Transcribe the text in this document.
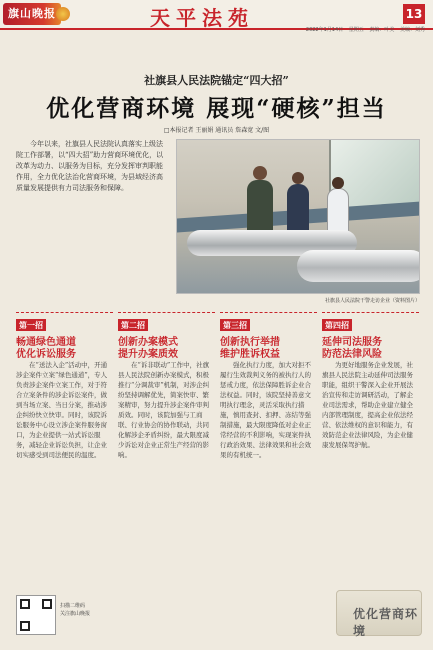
旗山晚报	天平法苑	13
2022年1月14日 星期五 责编：叶美 美编：刘秀
社旗县人民法院锚定“四大招”
优化营商环境 展现“硬核”担当
□本报记者 王丽娟 通讯员 詹森宽 文/图

今年以来，社旗县人民法院认真落实上级法院工作部署，以“四大招”助力营商环境优化，以改革为动力、以服务为目标，充分发挥审判职能作用，全力优化法治化营商环境，为县域经济高质量发展提供有力司法服务和保障。

社旗县人民法院干警走访企业（资料图片）
第一招
畅通绿色通道
优化诉讼服务

在“送法入企”活动中，开通涉企案件立案“绿色通道”，专人负责涉企案件立案工作，对于符合立案条件的涉企诉讼案件，做到当场立案、当日分案，推动涉企纠纷快立快审。同时，该院诉讼服务中心设立涉企案件服务窗口，为企业提供一站式诉讼服务，减轻企业诉讼负担，让企业切实感受到司法便民的温度。

第二招
创新办案模式
提升办案质效

在“诉非联动”工作中，社旗县人民法院创新办案模式，积极推行“分调裁审”机制，对涉企纠纷坚持调解优先，简案快审、繁案精审，努力提升涉企案件审判质效。同时，该院加强与工商联、行业协会的协作联动，共同化解涉企矛盾纠纷，最大限度减少诉讼对企业正常生产经营的影响。

第三招
创新执行举措
维护胜诉权益

强化执行力度，加大对拒不履行生效裁判义务的被执行人的惩戒力度，依法保障胜诉企业合法权益。同时，该院坚持善意文明执行理念，灵活采取执行措施，慎用查封、扣押、冻结等强制措施，最大限度降低对企业正常经营的不利影响，实现案件执行政治效果、法律效果和社会效果的有机统一。

第四招
延伸司法服务
防范法律风险

为更好地服务企业发展，社旗县人民法院主动延伸司法服务职能，组织干警深入企业开展法治宣传和走访调研活动，了解企业司法需求，帮助企业建立健全内部管理制度，提高企业依法经营、依法维权的意识和能力，有效防范企业法律风险，为企业健康发展保驾护航。

扫描二维码
关注旗山晚报	优化营商环境
